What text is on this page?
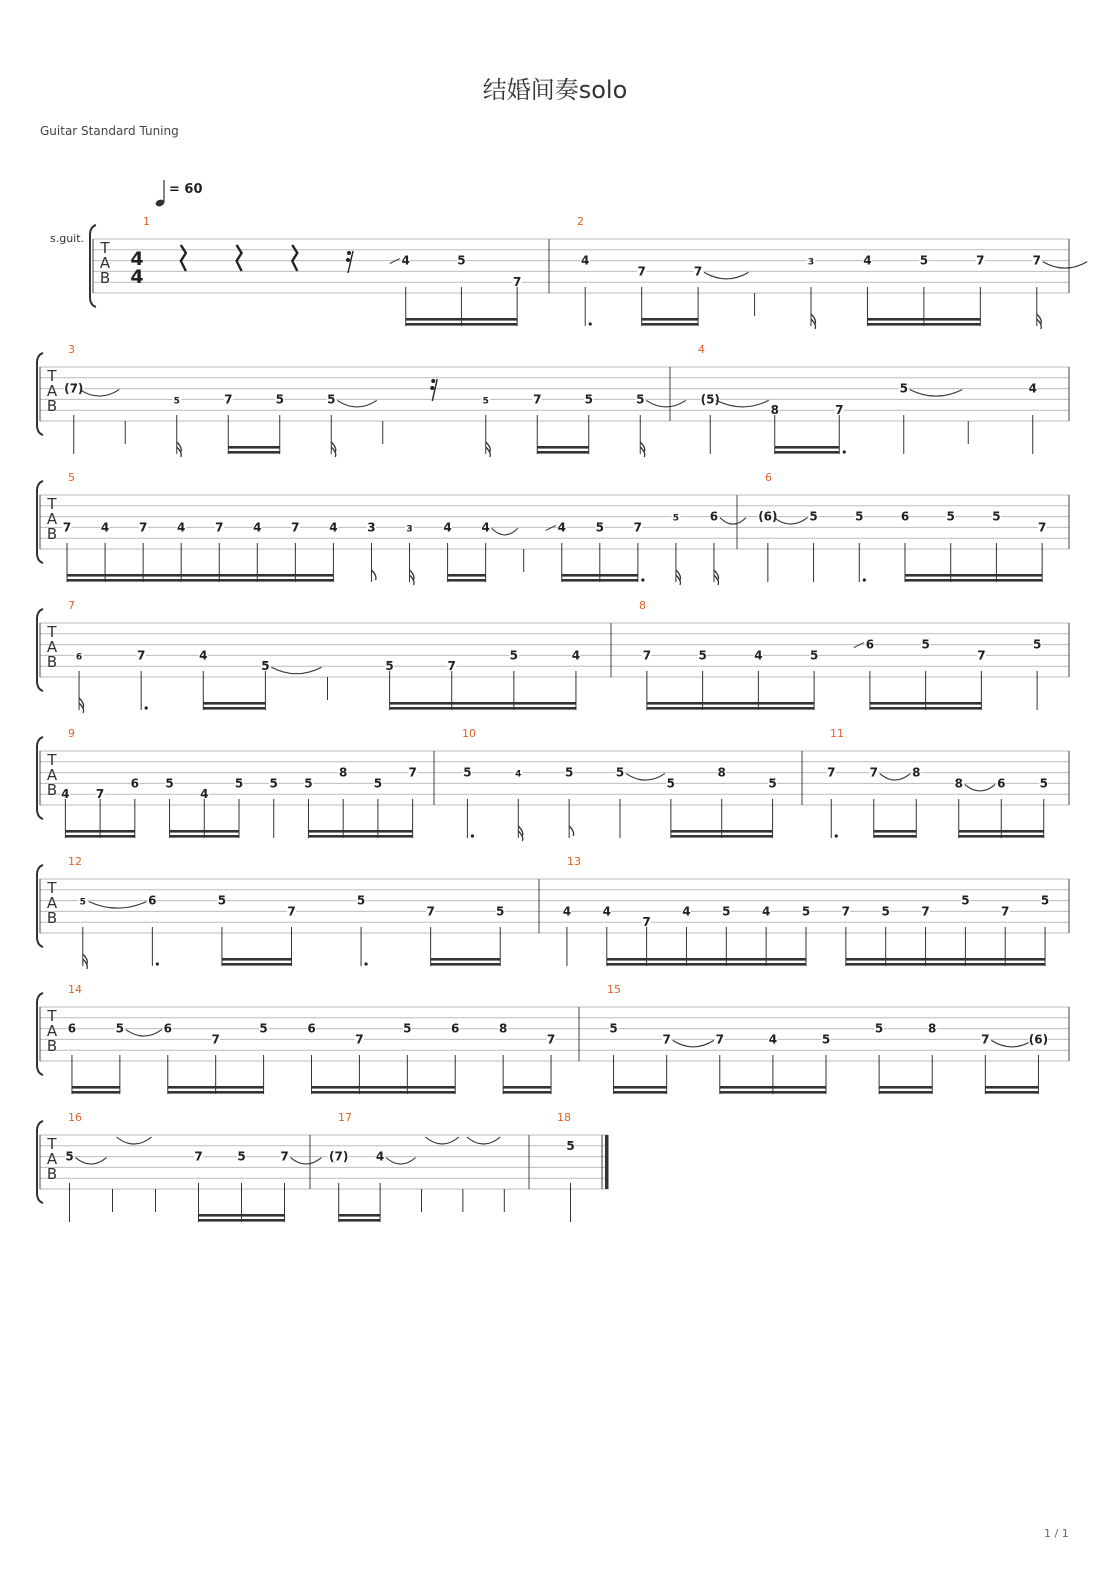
结婚间奏solo
Guitar Standard Tuning
= 60
s.guit.
T
A
B
4
4
1
4	5
7
2
4
7	7
3	4	5	7	7
T
A
B
3
(7)
5	7	5	5	5	7	5	5
4
(5)
8	7
5	4
T
A
B
5
7 4 7 4 7 4 7 4 3	3	4 4	4 5 7
5	6
6
(6)	5	5	6	5	5
7
T
A
B
7
6	7	4
5	5	7
5	4
8
7	5	4	5
6	5
7
5
T
A
B
9
4 7
6 5
4
5 5 5
8
5
7
10
5	4	5	5
5
8
5
11
7	7	8
8	6	5
T
A
B
12
5	6	5
7
5
7	5
13
4	4
7
4	5	4	5	7	5	7
5
7
5
T
A
B
14
6	5	6
7
5	6
7
5	6	8
7
15
5
7	7	4	5
5	8
7	(6)
T
A
B
16
5	7	5	7
17
(7) 4
18
5
1 / 1
